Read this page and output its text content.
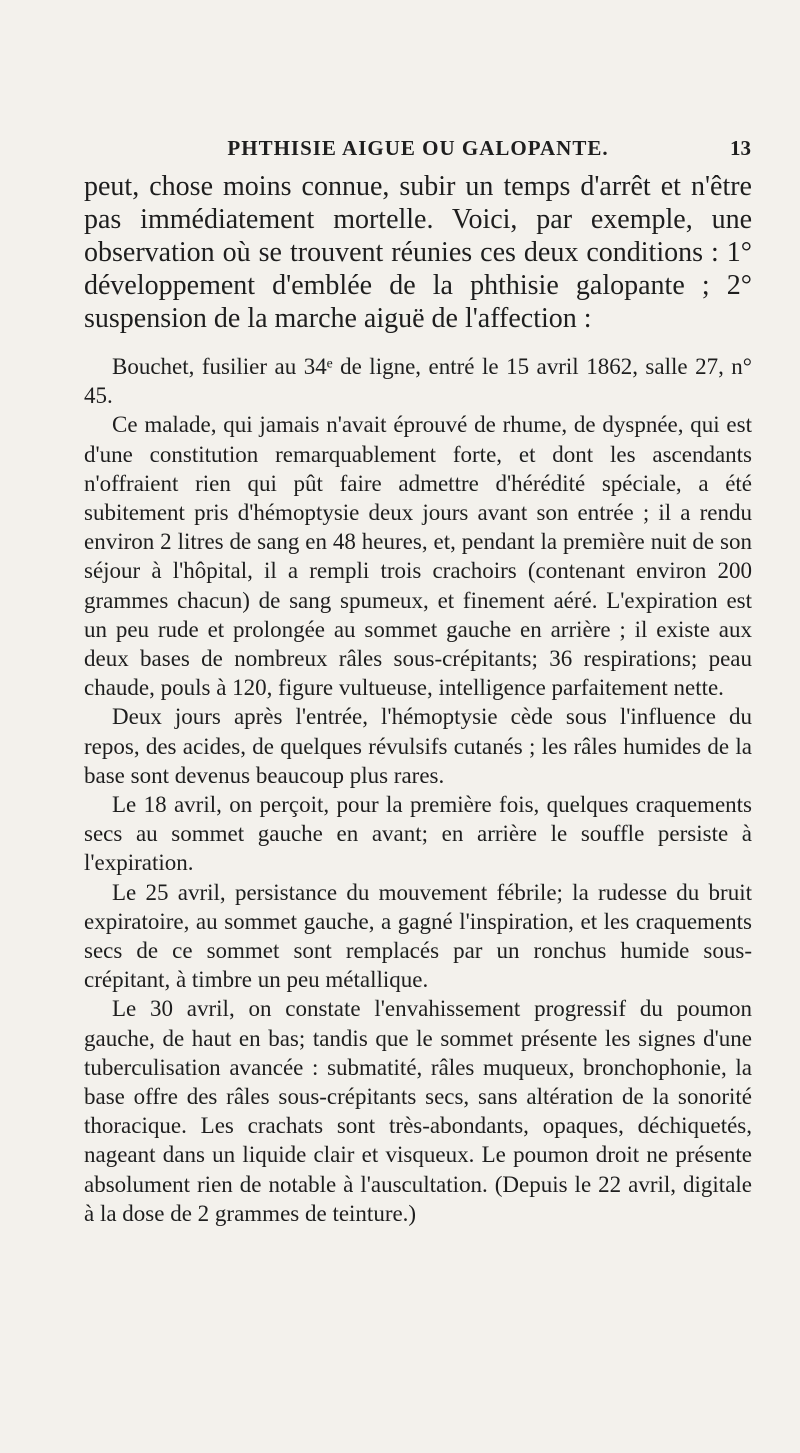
PHTHISIE AIGUE OU GALOPANTE.	13

peut, chose moins connue, subir un temps d'arrêt et n'être pas immédiatement mortelle. Voici, par exemple, une observation où se trouvent réunies ces deux conditions : 1° développement d'emblée de la phthisie galopante ; 2° suspension de la marche aiguë de l'affection :

Bouchet, fusilier au 34ᵉ de ligne, entré le 15 avril 1862, salle 27, n° 45.

Ce malade, qui jamais n'avait éprouvé de rhume, de dyspnée, qui est d'une constitution remarquablement forte, et dont les ascendants n'offraient rien qui pût faire admettre d'hérédité spéciale, a été subitement pris d'hémoptysie deux jours avant son entrée ; il a rendu environ 2 litres de sang en 48 heures, et, pendant la première nuit de son séjour à l'hôpital, il a rempli trois crachoirs (contenant environ 200 grammes chacun) de sang spumeux, et finement aéré. L'expiration est un peu rude et prolongée au sommet gauche en arrière ; il existe aux deux bases de nombreux râles sous-crépitants; 36 respirations; peau chaude, pouls à 120, figure vultueuse, intelligence parfaitement nette.

Deux jours après l'entrée, l'hémoptysie cède sous l'influence du repos, des acides, de quelques révulsifs cutanés ; les râles humides de la base sont devenus beaucoup plus rares.

Le 18 avril, on perçoit, pour la première fois, quelques craquements secs au sommet gauche en avant; en arrière le souffle persiste à l'expiration.

Le 25 avril, persistance du mouvement fébrile; la rudesse du bruit expiratoire, au sommet gauche, a gagné l'inspiration, et les craquements secs de ce sommet sont remplacés par un ronchus humide sous-crépitant, à timbre un peu métallique.

Le 30 avril, on constate l'envahissement progressif du poumon gauche, de haut en bas; tandis que le sommet présente les signes d'une tuberculisation avancée : submatité, râles muqueux, bronchophonie, la base offre des râles sous-crépitants secs, sans altération de la sonorité thoracique. Les crachats sont très-abondants, opaques, déchiquetés, nageant dans un liquide clair et visqueux. Le poumon droit ne présente absolument rien de notable à l'auscultation. (Depuis le 22 avril, digitale à la dose de 2 grammes de teinture.)
